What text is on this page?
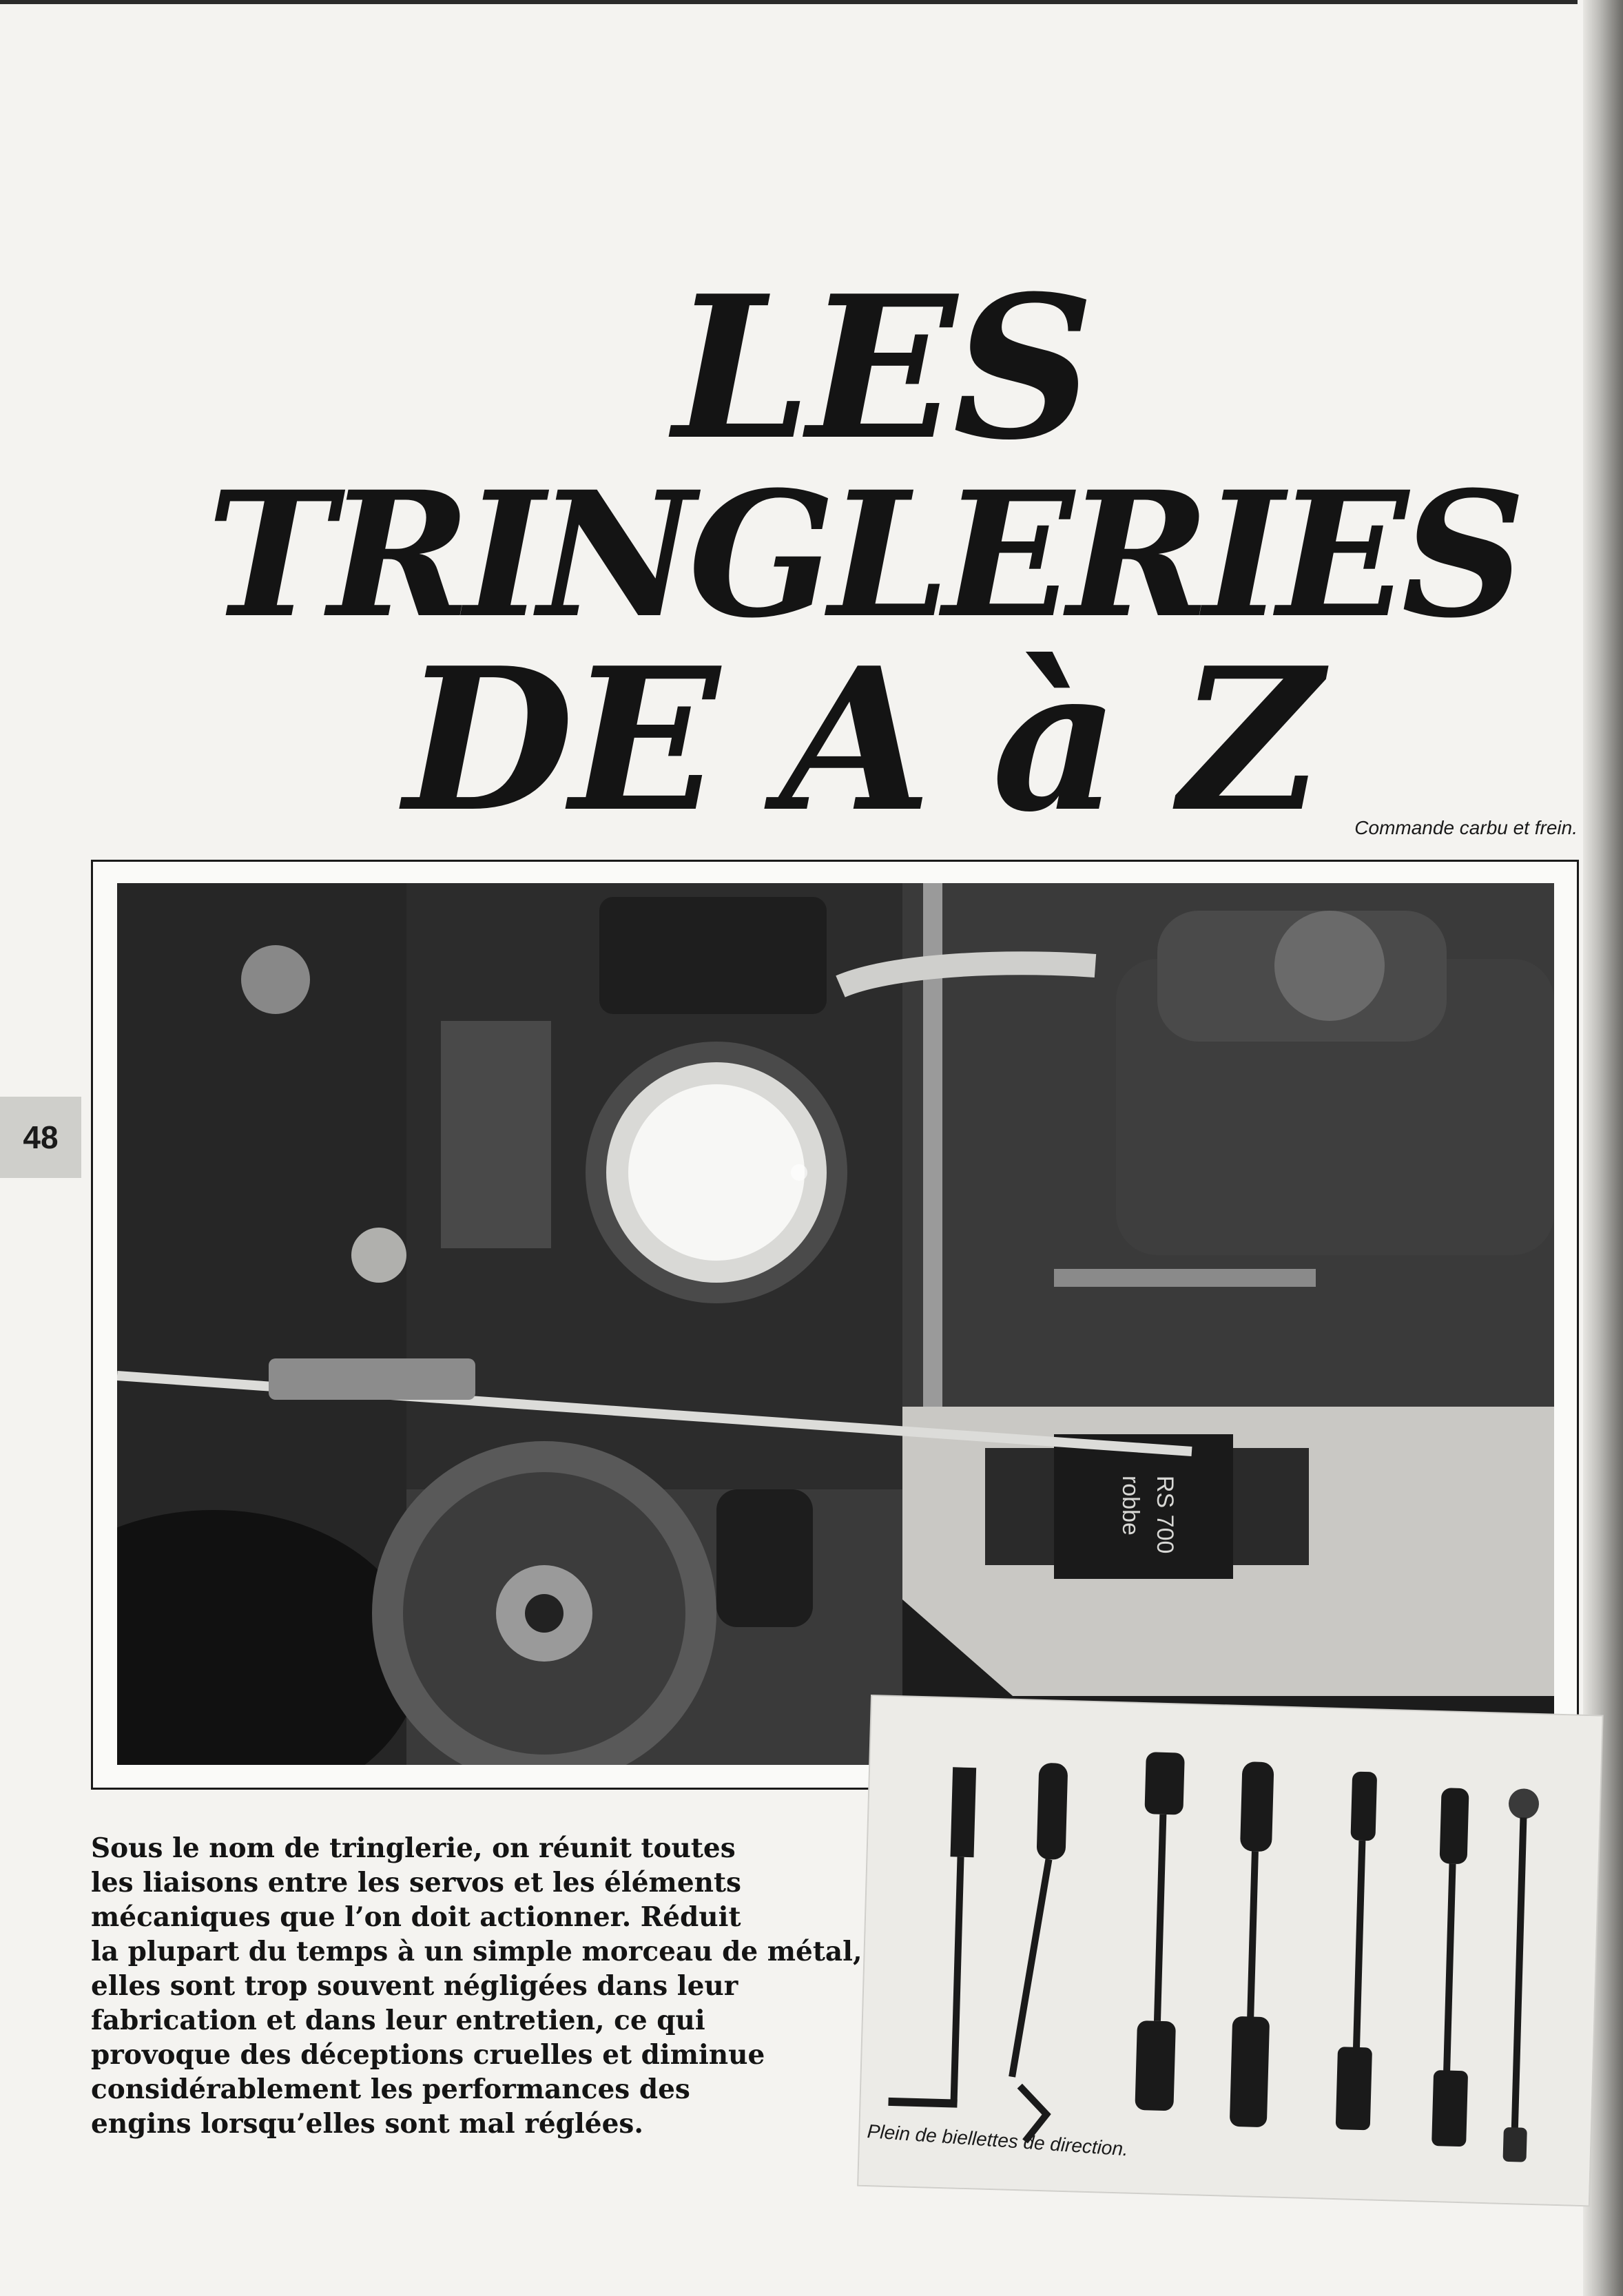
LES
TRINGLERIES
DE A à Z	Commande carbu et frein.
48
robbe RS 700
Sous le nom de tringlerie, on réunit toutes
les liaisons entre les servos et les éléments
mécaniques que l’on doit actionner. Réduit
la plupart du temps à un simple morceau de métal,
elles sont trop souvent négligées dans leur
fabrication et dans leur entretien, ce qui
provoque des déceptions cruelles et diminue
considérablement les performances des
engins lorsqu’elles sont mal réglées.	Plein de biellettes de direction.
